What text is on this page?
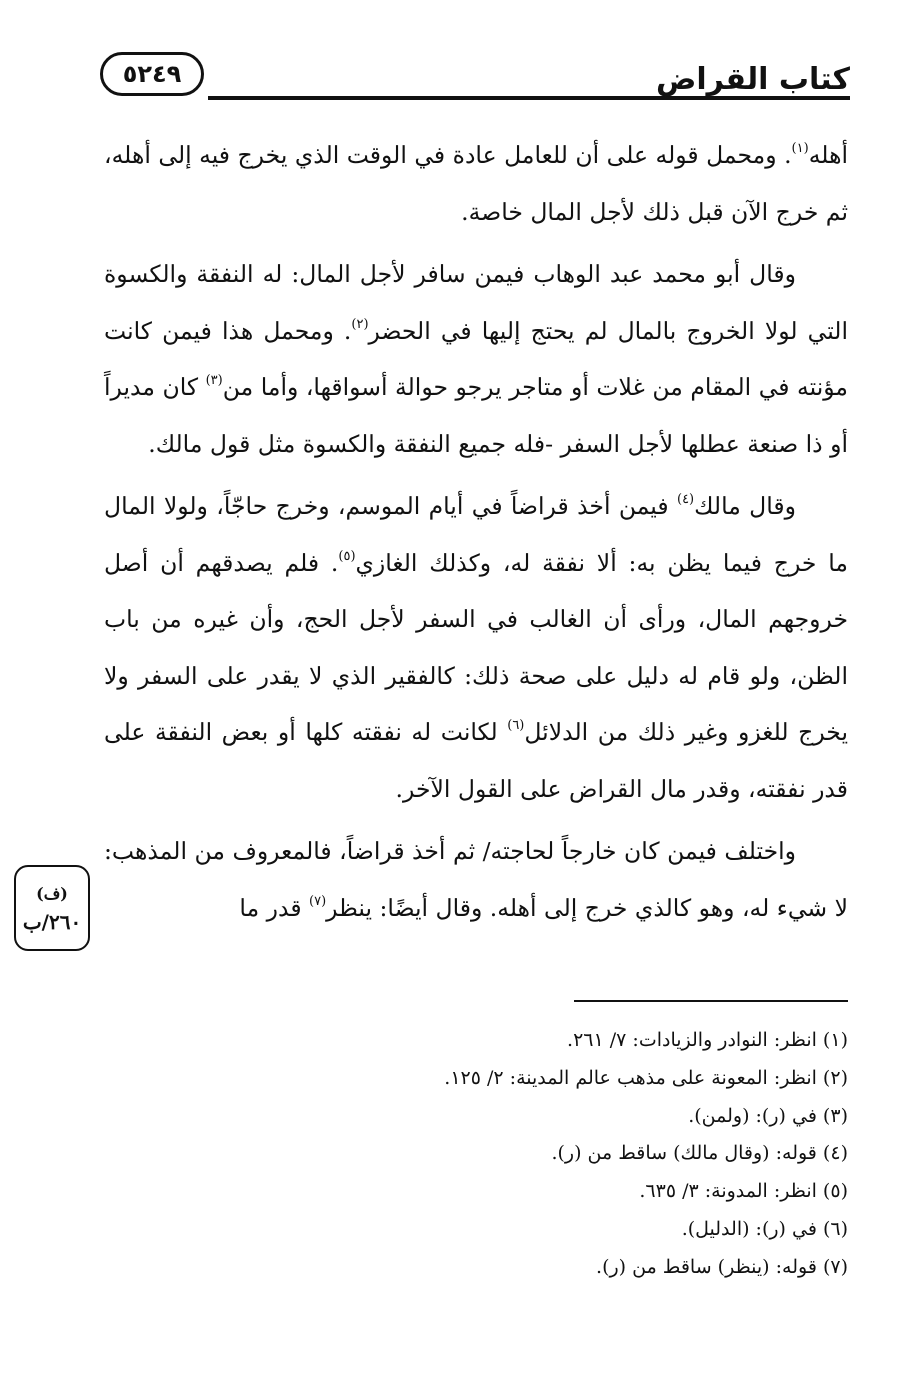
٥٢٤٩	كتاب القراض
(ف)
٢٦٠/ب

أهله$^{(١)}$. ومحمل قوله على أن للعامل عادة في الوقت الذي يخرج فيه إلى أهله، ثم خرج الآن قبل ذلك لأجل المال خاصة.

وقال أبو محمد عبد الوهاب فيمن سافر لأجل المال: له النفقة والكسوة التي لولا الخروج بالمال لم يحتج إليها في الحضر$^{(٢)}$. ومحمل هذا فيمن كانت مؤنته في المقام من غلات أو متاجر يرجو حوالة أسواقها، وأما من$^{(٣)}$ كان مديراً أو ذا صنعة عطلها لأجل السفر -فله جميع النفقة والكسوة مثل قول مالك.

وقال مالك$^{(٤)}$ فيمن أخذ قراضاً في أيام الموسم، وخرج حاجّاً، ولولا المال ما خرج فيما يظن به: ألا نفقة له، وكذلك الغازي$^{(٥)}$. فلم يصدقهم أن أصل خروجهم المال، ورأى أن الغالب في السفر لأجل الحج، وأن غيره من باب الظن، ولو قام له دليل على صحة ذلك: كالفقير الذي لا يقدر على السفر ولا يخرج للغزو وغير ذلك من الدلائل$^{(٦)}$ لكانت له نفقته كلها أو بعض النفقة على قدر نفقته، وقدر مال القراض على القول الآخر.

واختلف فيمن كان خارجاً لحاجته/ ثم أخذ قراضاً، فالمعروف من المذهب: لا شيء له، وهو كالذي خرج إلى أهله. وقال أيضًا: ينظر$^{(٧)}$ قدر ما

(١) انظر: النوادر والزيادات: ٧/ ٢٦١.
(٢) انظر: المعونة على مذهب عالم المدينة: ٢/ ١٢٥.
(٣) في (ر): (ولمن).
(٤) قوله: (وقال مالك) ساقط من (ر).
(٥) انظر: المدونة: ٣/ ٦٣٥.
(٦) في (ر): (الدليل).
(٧) قوله: (ينظر) ساقط من (ر).
